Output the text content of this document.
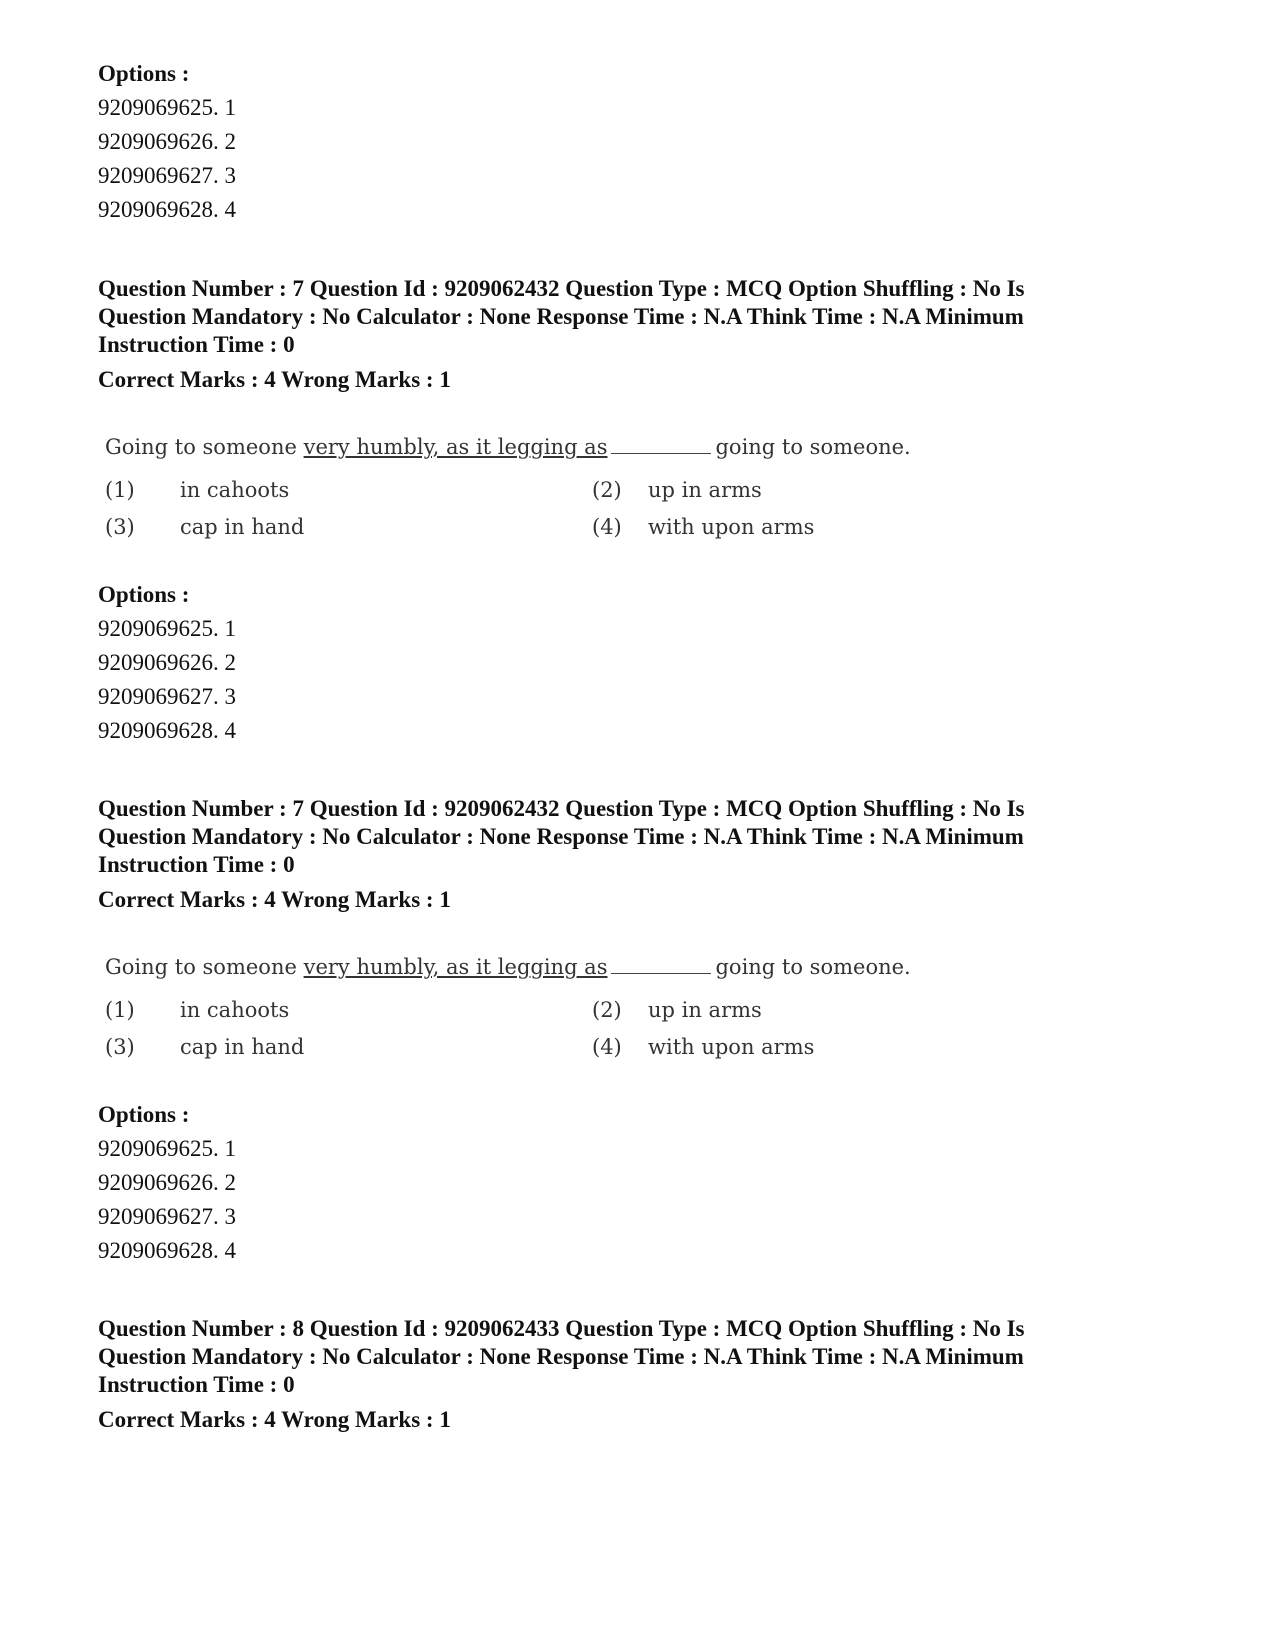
Options :
9209069625. 1
9209069626. 2
9209069627. 3
9209069628. 4
Question Number : 7 Question Id : 9209062432 Question Type : MCQ Option Shuffling : No Is Question Mandatory : No Calculator : None Response Time : N.A Think Time : N.A Minimum Instruction Time : 0
Correct Marks : 4 Wrong Marks : 1
Going to someone very humbly, as it legging as	going to someone.
(1) in cahoots	(2) up in arms
(3) cap in hand	(4) with upon arms
Options :
9209069625. 1
9209069626. 2
9209069627. 3
9209069628. 4
Question Number : 7 Question Id : 9209062432 Question Type : MCQ Option Shuffling : No Is Question Mandatory : No Calculator : None Response Time : N.A Think Time : N.A Minimum Instruction Time : 0
Correct Marks : 4 Wrong Marks : 1
Going to someone very humbly, as it legging as	going to someone.
(1) in cahoots	(2) up in arms
(3) cap in hand	(4) with upon arms
Options :
9209069625. 1
9209069626. 2
9209069627. 3
9209069628. 4
Question Number : 8 Question Id : 9209062433 Question Type : MCQ Option Shuffling : No Is Question Mandatory : No Calculator : None Response Time : N.A Think Time : N.A Minimum Instruction Time : 0
Correct Marks : 4 Wrong Marks : 1
